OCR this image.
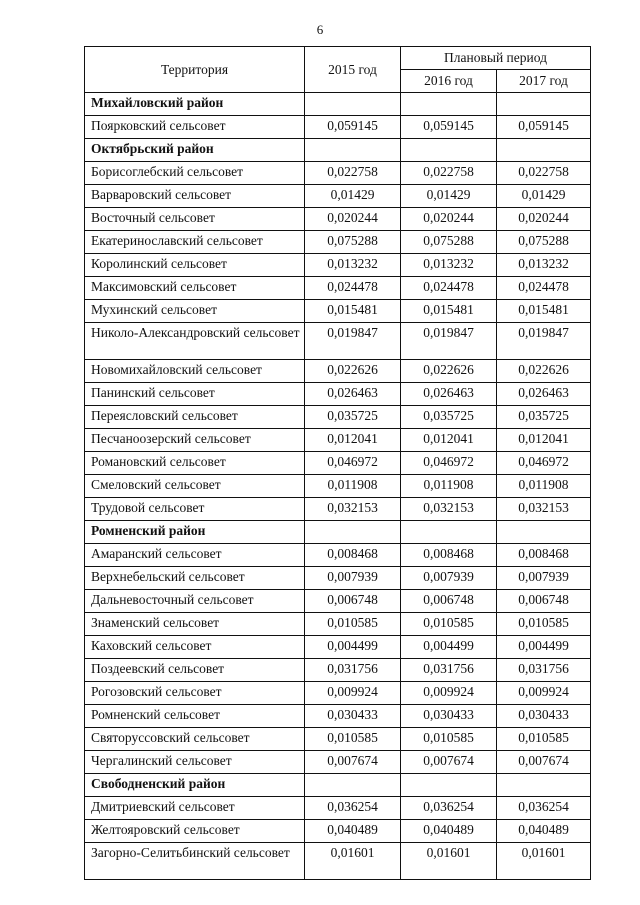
6
Территория	2015 год	Плановый период	
		2016 год	2017 год
Михайловский район			
Поярковский сельсовет	0,059145	0,059145	0,059145
Октябрьский район			
Борисоглебский сельсовет	0,022758	0,022758	0,022758
Варваровский сельсовет	0,01429	0,01429	0,01429
Восточный сельсовет	0,020244	0,020244	0,020244
Екатеринославский сельсовет	0,075288	0,075288	0,075288
Королинский сельсовет	0,013232	0,013232	0,013232
Максимовский сельсовет	0,024478	0,024478	0,024478
Мухинский сельсовет	0,015481	0,015481	0,015481
Николо-Александровский сельсовет	0,019847	0,019847	0,019847
Новомихайловский сельсовет	0,022626	0,022626	0,022626
Панинский сельсовет	0,026463	0,026463	0,026463
Переясловский сельсовет	0,035725	0,035725	0,035725
Песчаноозерский сельсовет	0,012041	0,012041	0,012041
Романовский сельсовет	0,046972	0,046972	0,046972
Смеловский сельсовет	0,011908	0,011908	0,011908
Трудовой сельсовет	0,032153	0,032153	0,032153
Ромненский район			
Амаранский сельсовет	0,008468	0,008468	0,008468
Верхнебельский сельсовет	0,007939	0,007939	0,007939
Дальневосточный сельсовет	0,006748	0,006748	0,006748
Знаменский сельсовет	0,010585	0,010585	0,010585
Каховский сельсовет	0,004499	0,004499	0,004499
Поздеевский сельсовет	0,031756	0,031756	0,031756
Рогозовский сельсовет	0,009924	0,009924	0,009924
Ромненский сельсовет	0,030433	0,030433	0,030433
Святоруссовский сельсовет	0,010585	0,010585	0,010585
Чергалинский сельсовет	0,007674	0,007674	0,007674
Свободненский район			
Дмитриевский сельсовет	0,036254	0,036254	0,036254
Желтояровский сельсовет	0,040489	0,040489	0,040489
Загорно-Селитьбинский сельсовет	0,01601	0,01601	0,01601
